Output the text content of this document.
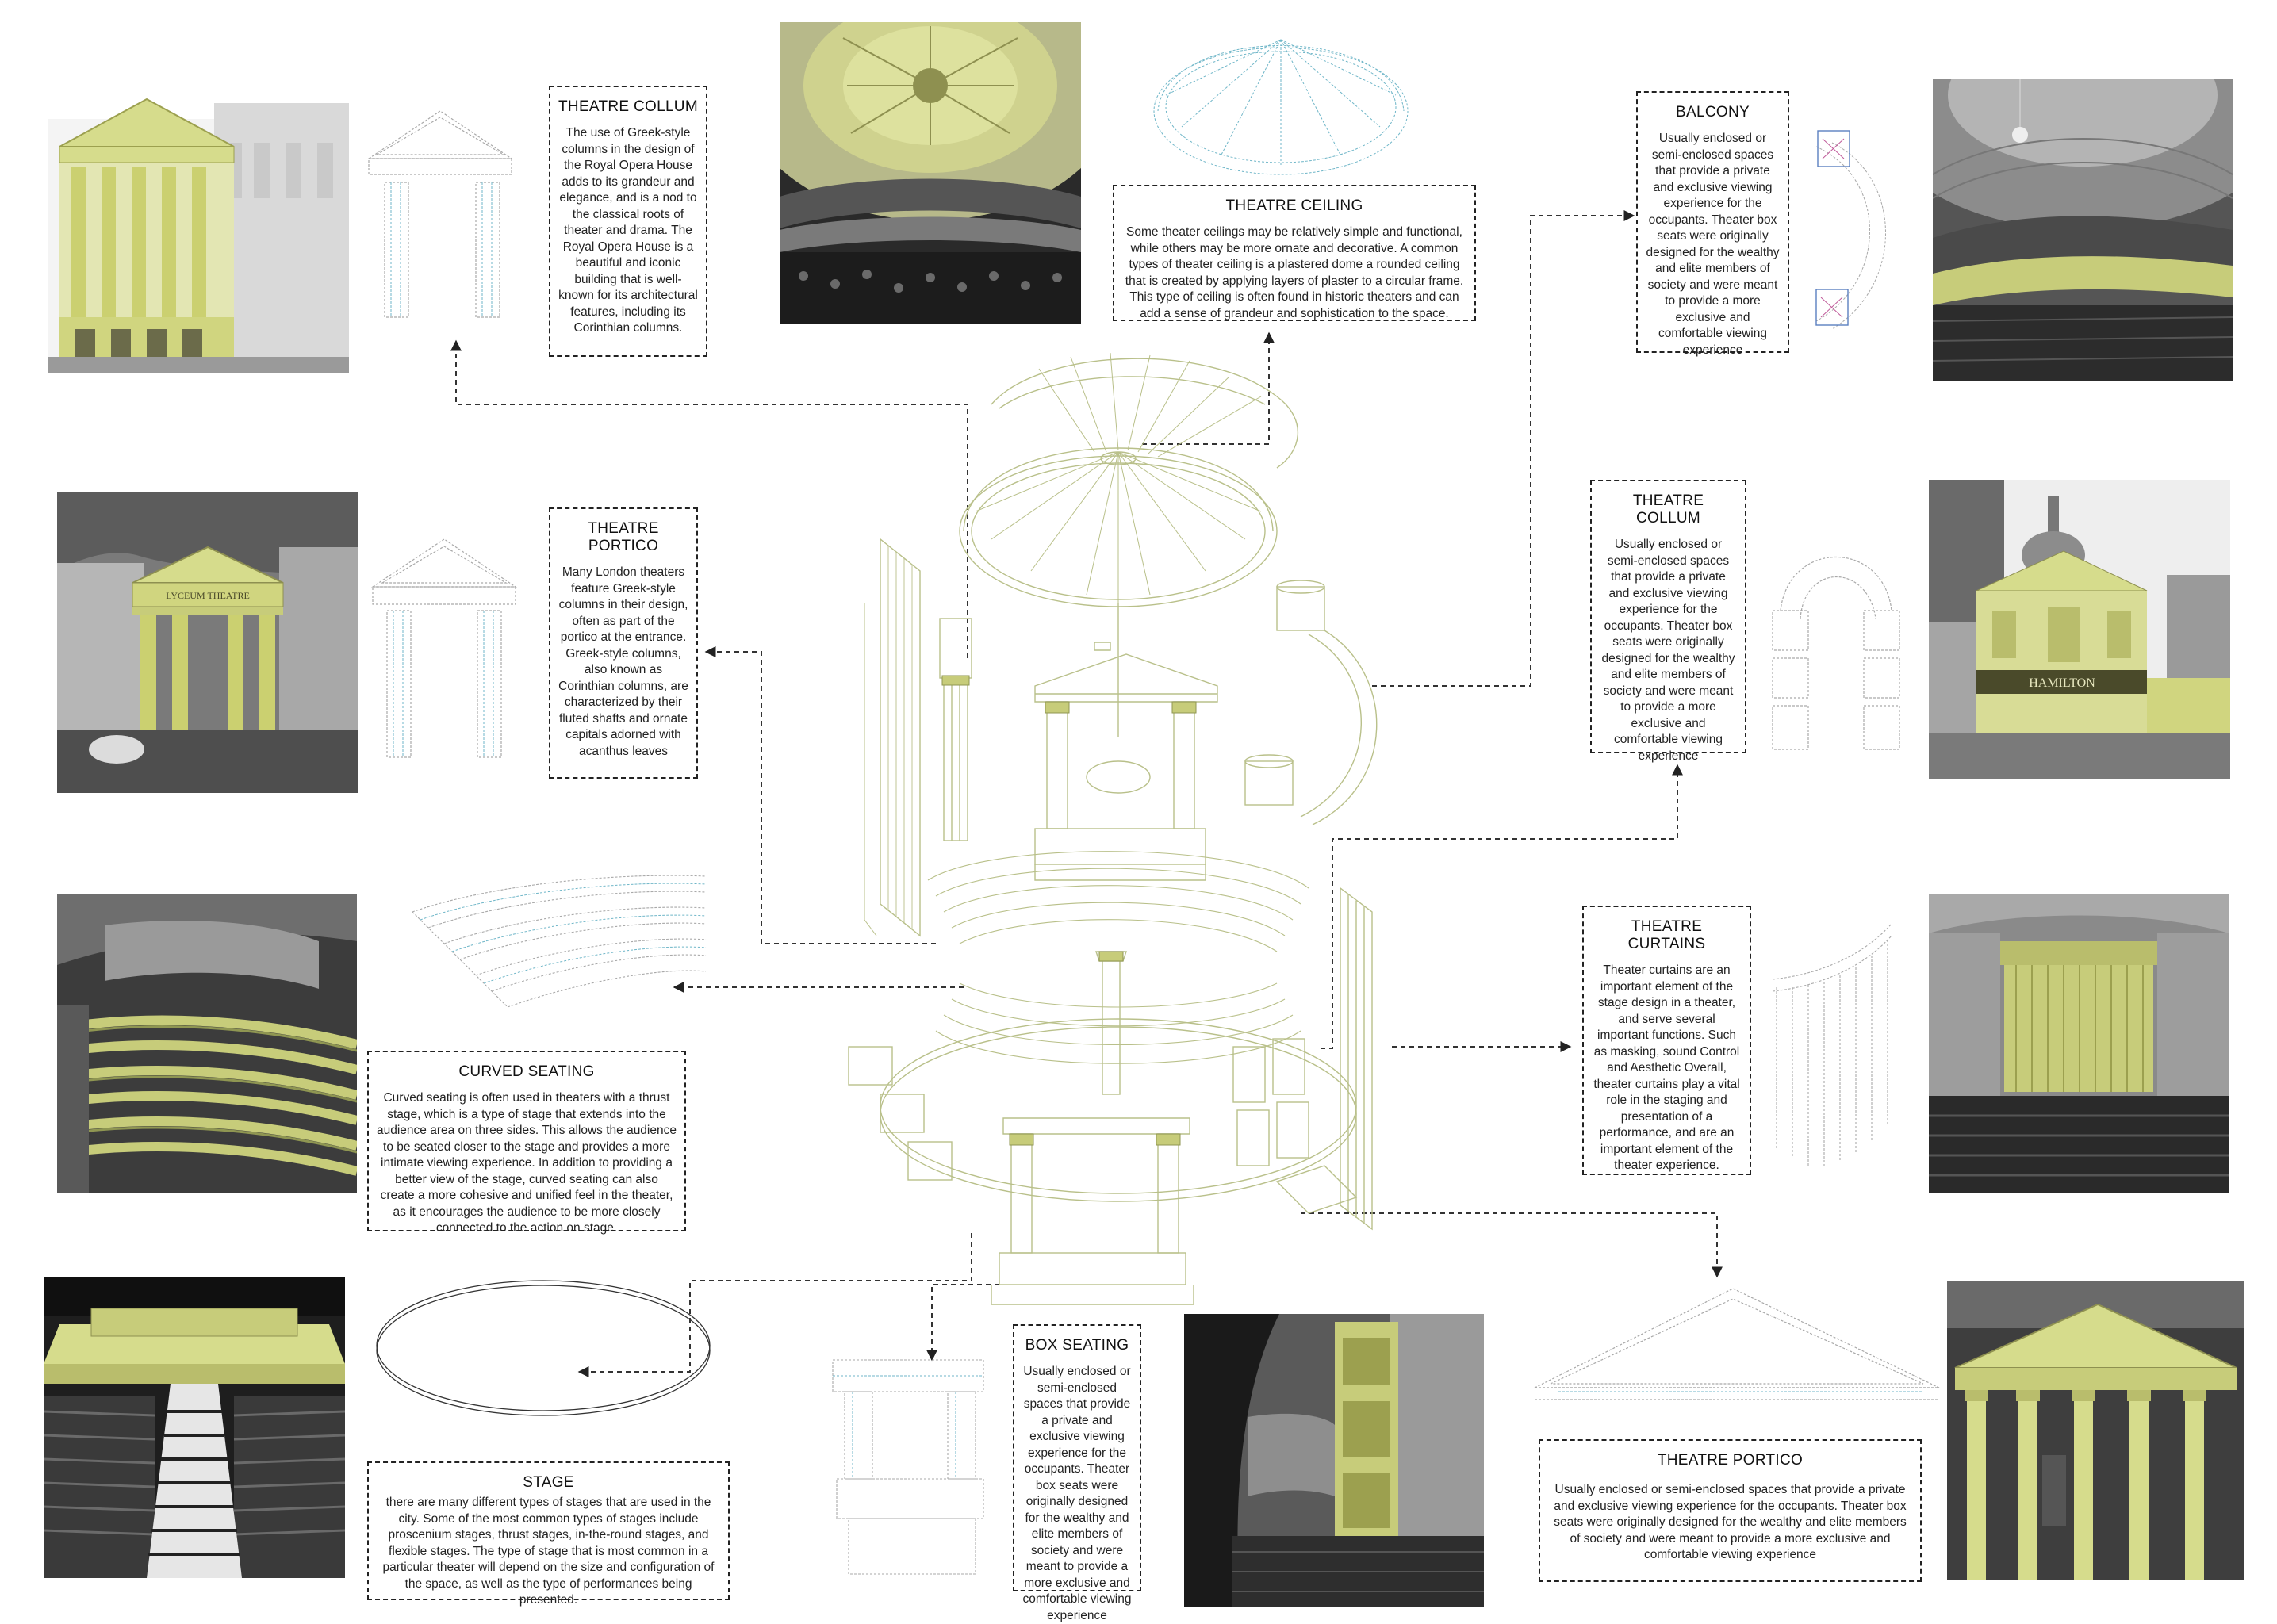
THEATRE COLLUM

The use of Greek-style columns in the design of the Royal Opera House adds to its grandeur and elegance, and is a nod to the classical roots of theater and drama. The Royal Opera House is a beautiful and iconic building that is well-known for its architectural features, including its Corinthian columns.

THEATRE CEILING

Some theater ceilings may be relatively simple and functional, while others may be more ornate and decorative. A common types of theater ceiling is a plastered dome a rounded ceiling that is created by applying layers of plaster to a circular frame. This type of ceiling is often found in historic theaters and can add a sense of grandeur and sophistication to the space.

BALCONY

Usually enclosed or semi-enclosed spaces that provide a private and exclusive viewing experience for the occupants. Theater box seats were originally designed for the wealthy and elite members of society and were meant to provide a more exclusive and comfortable viewing experience

LYCEUM THEATRE
THEATRE PORTICO

Many London theaters feature Greek-style columns in their design, often as part of the portico at the entrance. Greek-style columns, also known as Corinthian columns, are characterized by their fluted shafts and ornate capitals adorned with acanthus leaves

THEATRE COLLUM

Usually enclosed or semi-enclosed spaces that provide a private and exclusive viewing experience for the occupants. Theater box seats were originally designed for the wealthy and elite members of society and were meant to provide a more exclusive and comfortable viewing experience

HAMILTON
CURVED SEATING

Curved seating is often used in theaters with a thrust stage, which is a type of stage that extends into the audience area on three sides. This allows the audience to be seated closer to the stage and provides a more intimate viewing experience. In addition to providing a better view of the stage, curved seating can also create a more cohesive and unified feel in the theater, as it encourages the audience to be more closely connected to the action on stage.

THEATRE CURTAINS

Theater curtains are an important element of the stage design in a theater, and serve several important functions. Such as masking, sound Control and Aesthetic Overall, theater curtains play a vital role in the staging and presentation of a performance, and are an important element of the theater experience.

STAGE

there are many different types of stages that are used in the city. Some of the most common types of stages include proscenium stages, thrust stages, in-the-round stages, and flexible stages. The type of stage that is most common in a particular theater will depend on the size and configuration of the space, as well as the type of performances being presented.

BOX SEATING

Usually enclosed or semi-enclosed spaces that provide a private and exclusive viewing experience for the occupants. Theater box seats were originally designed for the wealthy and elite members of society and were meant to provide a more exclusive and comfortable viewing experience

THEATRE PORTICO

Usually enclosed or semi-enclosed spaces that provide a private and exclusive viewing experience for the occupants. Theater box seats were originally designed for the wealthy and elite members of society and were meant to provide a more exclusive and comfortable viewing experience
